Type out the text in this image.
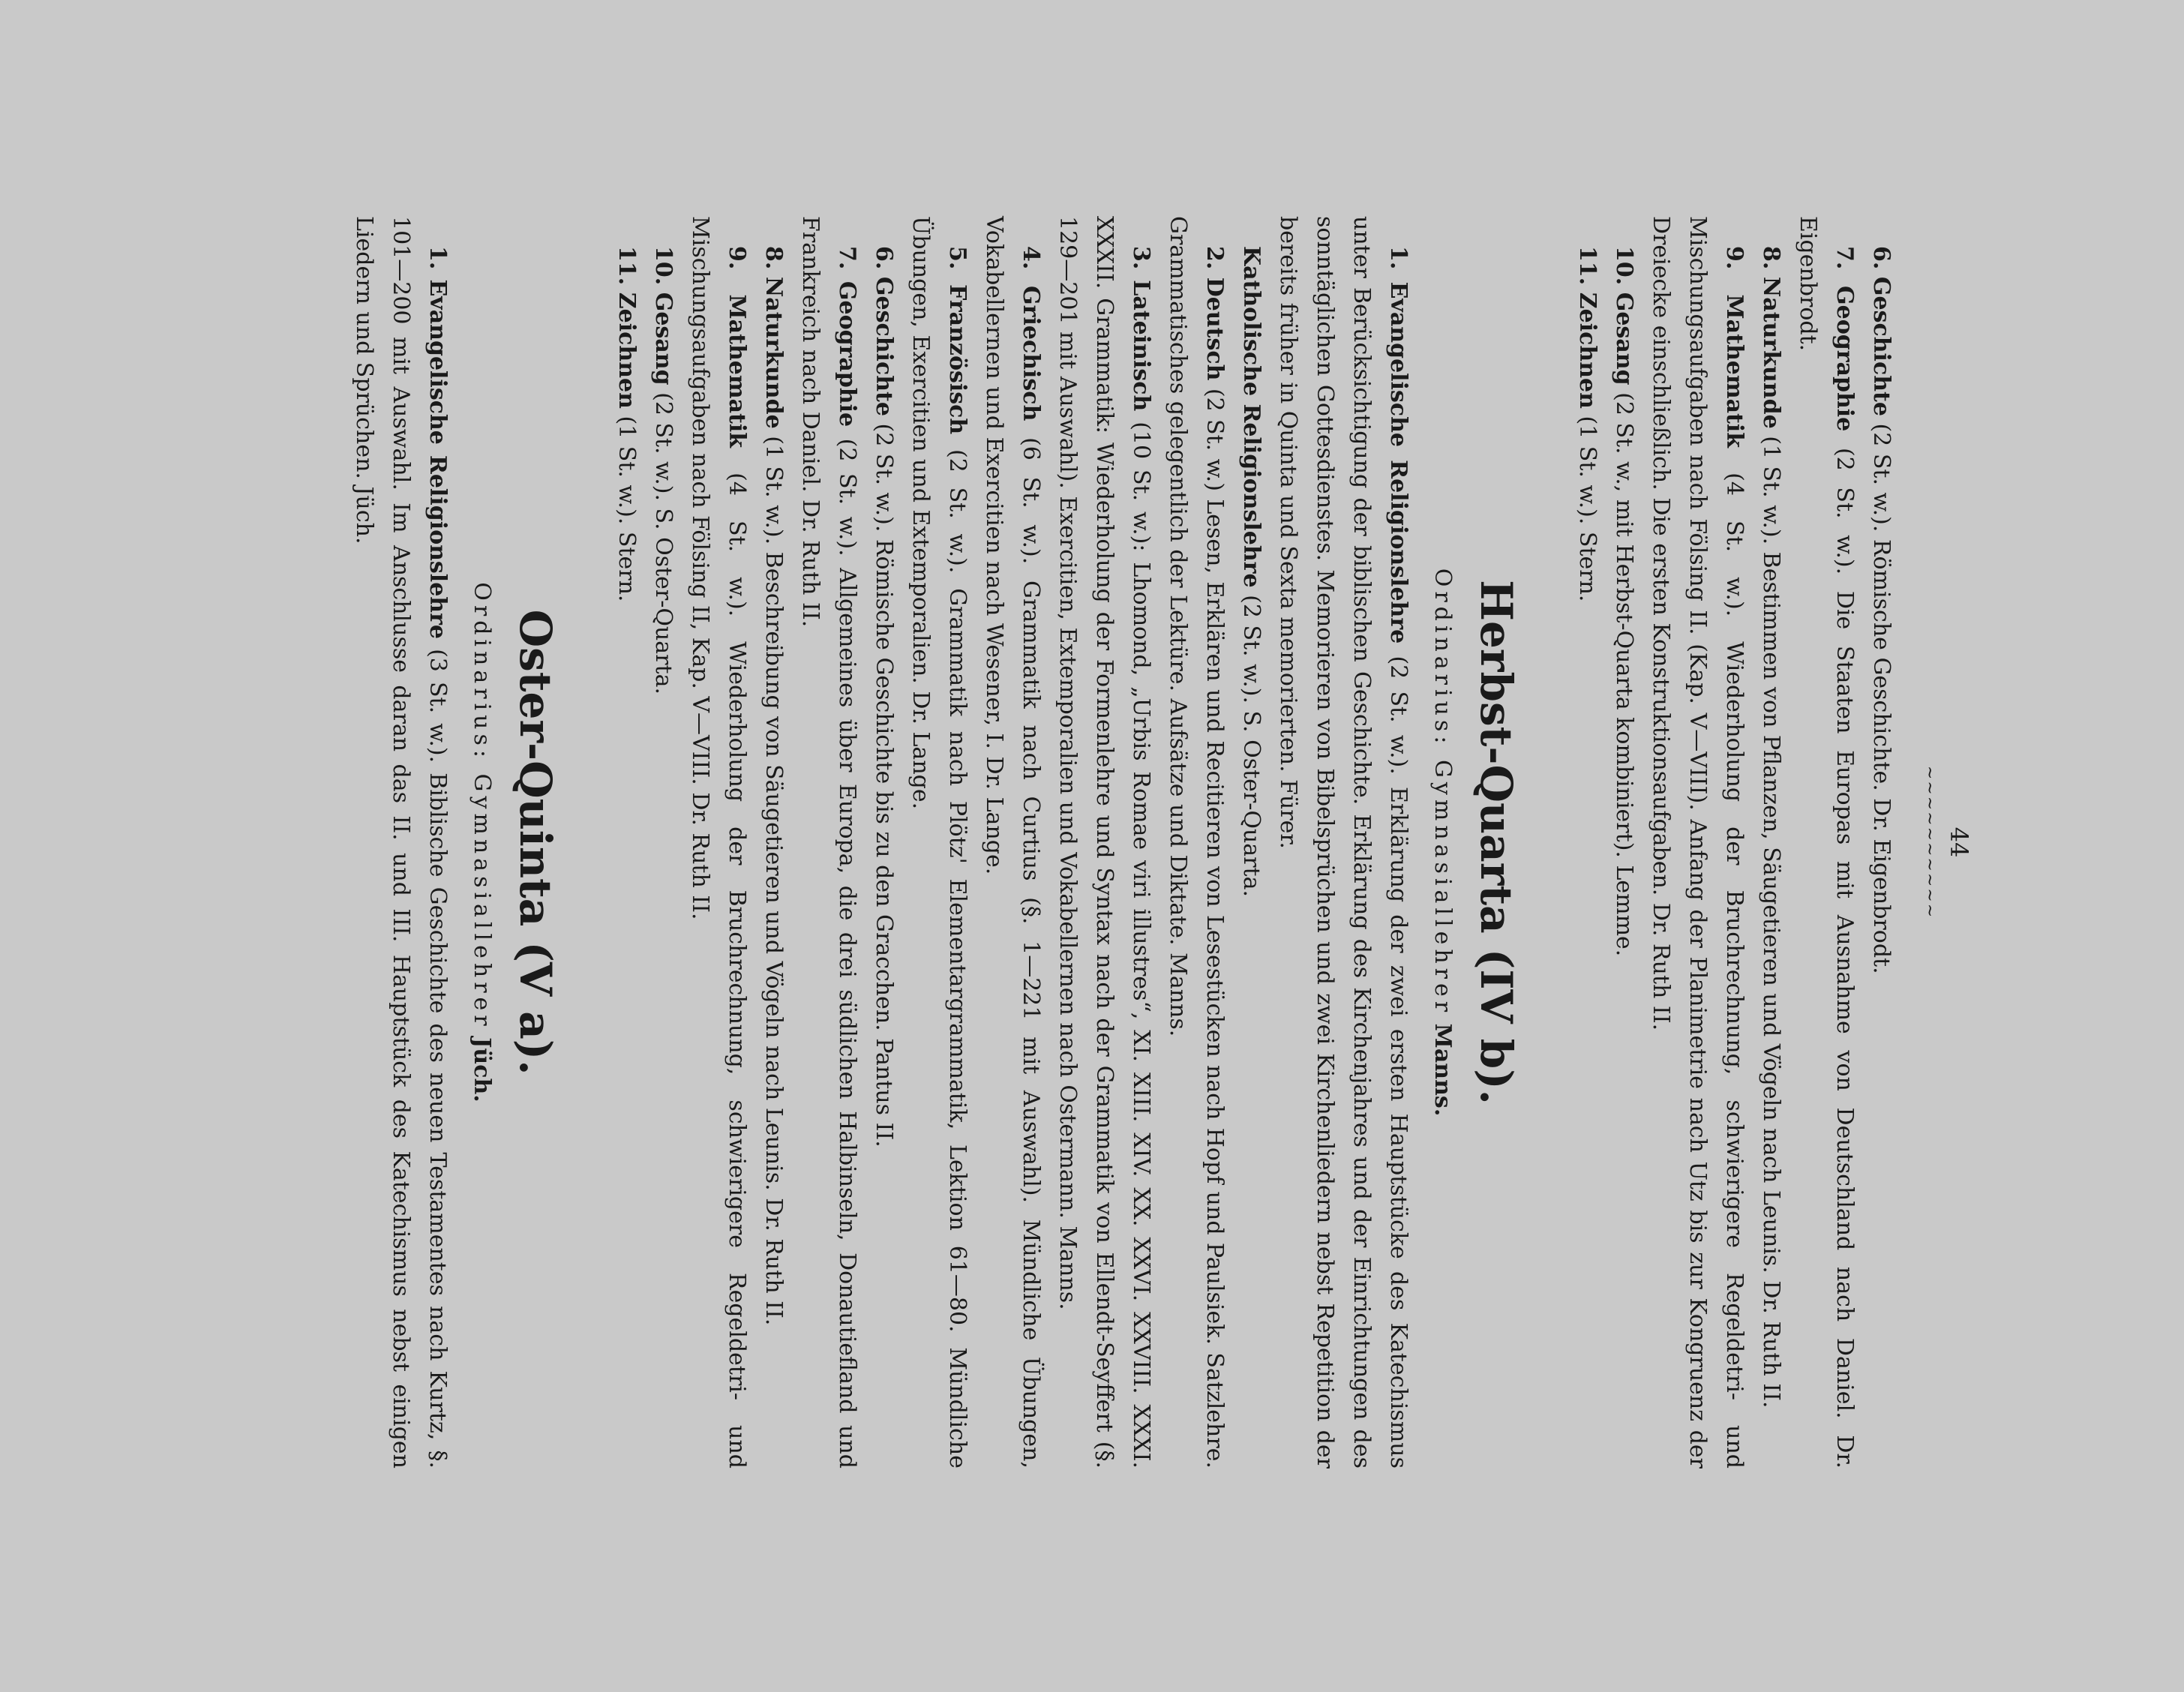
44
~~~~~~~~~~

6. Geschichte (2 St. w.). Römische Geschichte. Dr. Eigenbrodt.

7. Geographie (2 St. w.). Die Staaten Europas mit Ausnahme von Deutschland nach Daniel. Dr. Eigenbrodt.

8. Naturkunde (1 St. w.). Bestimmen von Pflanzen, Säugetieren und Vögeln nach Leunis. Dr. Ruth II.

9. Mathematik (4 St. w.). Wiederholung der Bruchrechnung, schwierigere Regeldetri- und Mischungsaufgaben nach Fölsing II. (Kap. V—VIII). Anfang der Planimetrie nach Utz bis zur Kongruenz der Dreiecke einschließlich. Die ersten Konstruktionsaufgaben. Dr. Ruth II.

10. Gesang (2 St. w., mit Herbst-Quarta kombiniert). Lemme.

11. Zeichnen (1 St. w.). Stern.

Herbst-Quarta (IV b).
Ordinarius: Gymnasiallehrer Manns.

1. Evangelische Religionslehre (2 St. w.). Erklärung der zwei ersten Hauptstücke des Katechismus unter Berücksichtigung der biblischen Geschichte. Erklärung des Kirchenjahres und der Einrichtungen des sonntäglichen Gottesdienstes. Memorieren von Bibelsprüchen und zwei Kirchenliedern nebst Repetition der bereits früher in Quinta und Sexta memorierten. Fürer.

Katholische Religionslehre (2 St. w.). S. Oster-Quarta.

2. Deutsch (2 St. w.) Lesen, Erklären und Recitieren von Lesestücken nach Hopf und Paulsiek. Satzlehre. Grammatisches gelegentlich der Lektüre. Aufsätze und Diktate. Manns.

3. Lateinisch (10 St. w.): Lhomond, „Urbis Romae viri illustres“, XI. XIII. XIV. XX. XXVI. XXVIII. XXXI. XXXII. Grammatik: Wiederholung der Formenlehre und Syntax nach der Grammatik von Ellendt-Seyffert (§. 129—201 mit Auswahl). Exercitien, Extemporalien und Vokabellernen nach Ostermann. Manns.

4. Griechisch (6 St. w.). Grammatik nach Curtius (§. 1—221 mit Auswahl). Mündliche Übungen, Vokabellernen und Exercitien nach Wesener, I. Dr. Lange.

5. Französisch (2 St. w.). Grammatik nach Plötz' Elementargrammatik, Lektion 61—80. Mündliche Übungen, Exercitien und Extemporalien. Dr. Lange.

6. Geschichte (2 St. w.). Römische Geschichte bis zu den Gracchen. Pantus II.

7. Geographie (2 St. w.). Allgemeines über Europa, die drei südlichen Halbinseln, Donautiefland und Frankreich nach Daniel. Dr. Ruth II.

8. Naturkunde (1 St. w.). Beschreibung von Säugetieren und Vögeln nach Leunis. Dr. Ruth II.

9. Mathematik (4 St. w.). Wiederholung der Bruchrechnung, schwierigere Regeldetri- und Mischungsaufgaben nach Fölsing II, Kap. V—VIII. Dr. Ruth II.

10. Gesang (2 St. w.). S. Oster-Quarta.

11. Zeichnen (1 St. w.). Stern.

Oster-Quinta (V a).
Ordinarius: Gymnasiallehrer Jüch.

1. Evangelische Religionslehre (3 St. w.). Biblische Geschichte des neuen Testamentes nach Kurtz, §. 101—200 mit Auswahl. Im Anschlusse daran das II. und III. Hauptstück des Katechismus nebst einigen Liedern und Sprüchen. Jüch.
